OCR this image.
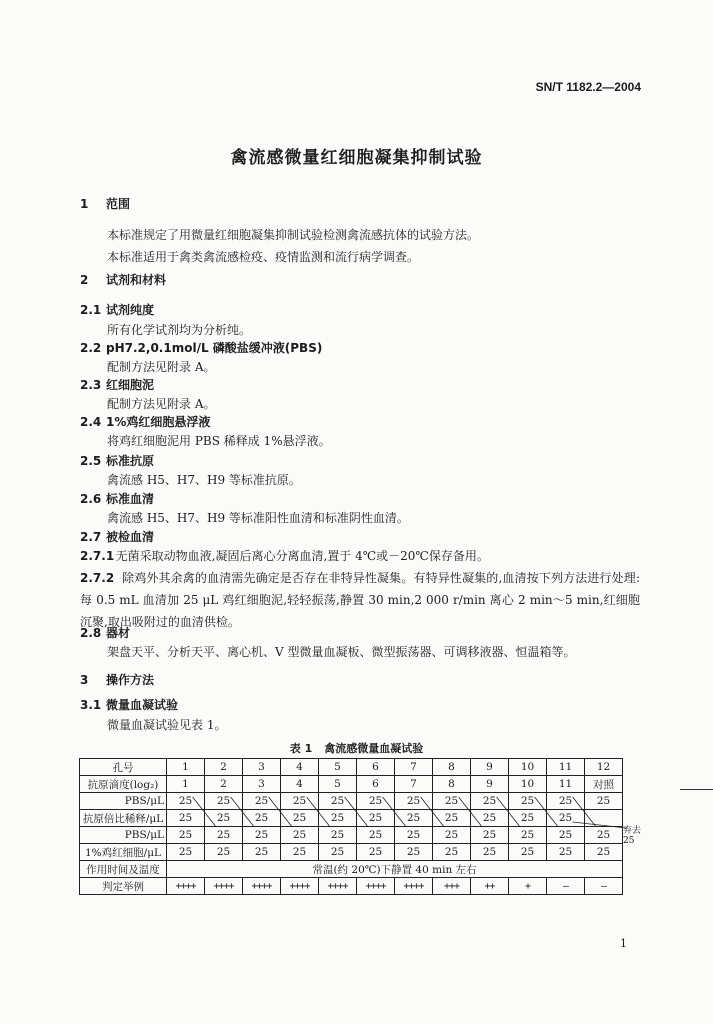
SN/T 1182.2—2004
禽流感微量红细胞凝集抑制试验
1 范围
本标准规定了用微量红细胞凝集抑制试验检测禽流感抗体的试验方法。
本标准适用于禽类禽流感检疫、疫情监测和流行病学调查。
2 试剂和材料
2.1 试剂纯度
所有化学试剂均为分析纯。
2.2 pH7.2,0.1mol/L 磷酸盐缓冲液(PBS)
配制方法见附录 A。
2.3 红细胞泥
配制方法见附录 A。
2.4 1%鸡红细胞悬浮液
将鸡红细胞泥用 PBS 稀释成 1%悬浮液。
2.5 标准抗原
禽流感 H5、H7、H9 等标准抗原。
2.6 标准血清
禽流感 H5、H7、H9 等标准阳性血清和标准阴性血清。
2.7 被检血清
2.7.1  无菌采取动物血液,凝固后离心分离血清,置于 4℃或－20℃保存备用。
2.7.2 除鸡外其余禽的血清需先确定是否存在非特异性凝集。有特异性凝集的,血清按下列方法进行处理:每 0.5 mL 血清加 25 μL 鸡红细胞泥,轻轻振荡,静置 30 min,2 000 r/min 离心 2 min～5 min,红细胞沉聚,取出吸附过的血清供检。
2.8 器材
架盘天平、分析天平、离心机、V 型微量血凝板、微型振荡器、可调移液器、恒温箱等。
3 操作方法
3.1 微量血凝试验
微量血凝试验见表 1。
表 1 禽流感微量血凝试验
孔号	1	2	3	4	5	6	7	8	9	10	11	12
抗原滴度(log₂)	1	2	3	4	5	6	7	8	9	10	11	对照
PBS/μL	25	25	25	25	25	25	25	25	25	25	25	25
抗原倍比稀释/μL	25	25	25	25	25	25	25	25	25	25	25	
PBS/μL	25	25	25	25	25	25	25	25	25	25	25	25
1%鸡红细胞/μL	25	25	25	25	25	25	25	25	25	25	25	25
作用时间及温度	常温(约 20℃)下静置 40 min 左右											
判定举例	++++	++++	++++	++++	++++	++++	++++	+++	++	+	—	—
弃去
25
1
